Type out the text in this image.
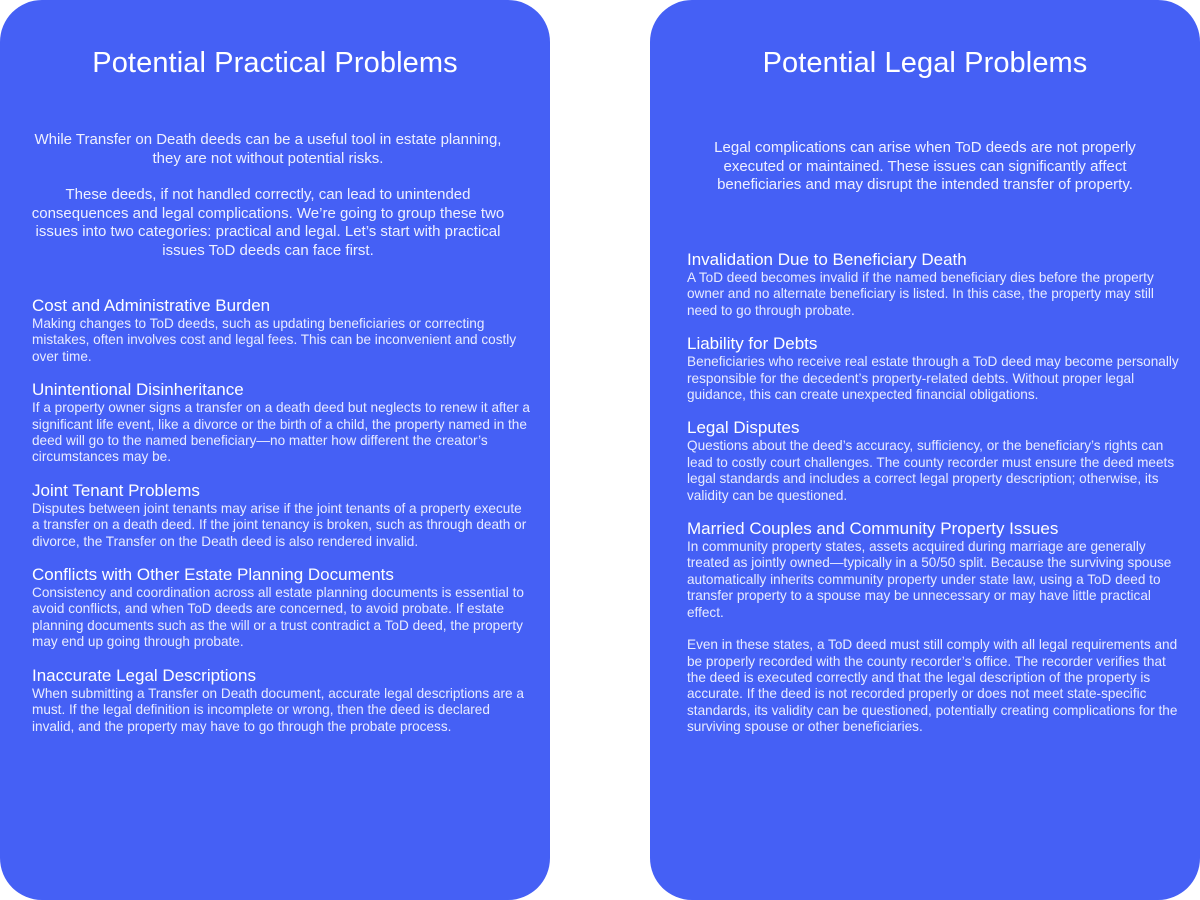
Potential Practical Problems

While Transfer on Death deeds can be a useful tool in estate planning, they are not without potential risks.

These deeds, if not handled correctly, can lead to unintended consequences and legal complications. We’re going to group these two issues into two categories: practical and legal. Let’s start with practical issues ToD deeds can face first.

Cost and Administrative Burden

Making changes to ToD deeds, such as updating beneficiaries or correcting mistakes, often involves cost and legal fees. This can be inconvenient and costly over time.

Unintentional Disinheritance

If a property owner signs a transfer on a death deed but neglects to renew it after a significant life event, like a divorce or the birth of a child, the property named in the deed will go to the named beneficiary—no matter how different the creator’s circumstances may be.

Joint Tenant Problems

Disputes between joint tenants may arise if the joint tenants of a property execute a transfer on a death deed. If the joint tenancy is broken, such as through death or divorce, the Transfer on the Death deed is also rendered invalid.

Conflicts with Other Estate Planning Documents

Consistency and coordination across all estate planning documents is essential to avoid conflicts, and when ToD deeds are concerned, to avoid probate. If estate planning documents such as the will or a trust contradict a ToD deed, the property may end up going through probate.

Inaccurate Legal Descriptions

When submitting a Transfer on Death document, accurate legal descriptions are a must. If the legal definition is incomplete or wrong, then the deed is declared invalid, and the property may have to go through the probate process.

Potential Legal Problems

Legal complications can arise when ToD deeds are not properly executed or maintained. These issues can significantly affect beneficiaries and may disrupt the intended transfer of property.

Invalidation Due to Beneficiary Death

A ToD deed becomes invalid if the named beneficiary dies before the property owner and no alternate beneficiary is listed. In this case, the property may still need to go through probate.

Liability for Debts

Beneficiaries who receive real estate through a ToD deed may become personally responsible for the decedent’s property-related debts. Without proper legal guidance, this can create unexpected financial obligations.

Legal Disputes

Questions about the deed’s accuracy, sufficiency, or the beneficiary’s rights can lead to costly court challenges. The county recorder must ensure the deed meets legal standards and includes a correct legal property description; otherwise, its validity can be questioned.

Married Couples and Community Property Issues

In community property states, assets acquired during marriage are generally treated as jointly owned—typically in a 50/50 split. Because the surviving spouse automatically inherits community property under state law, using a ToD deed to transfer property to a spouse may be unnecessary or may have little practical effect.

Even in these states, a ToD deed must still comply with all legal requirements and be properly recorded with the county recorder’s office. The recorder verifies that the deed is executed correctly and that the legal description of the property is accurate. If the deed is not recorded properly or does not meet state-specific standards, its validity can be questioned, potentially creating complications for the surviving spouse or other beneficiaries.
